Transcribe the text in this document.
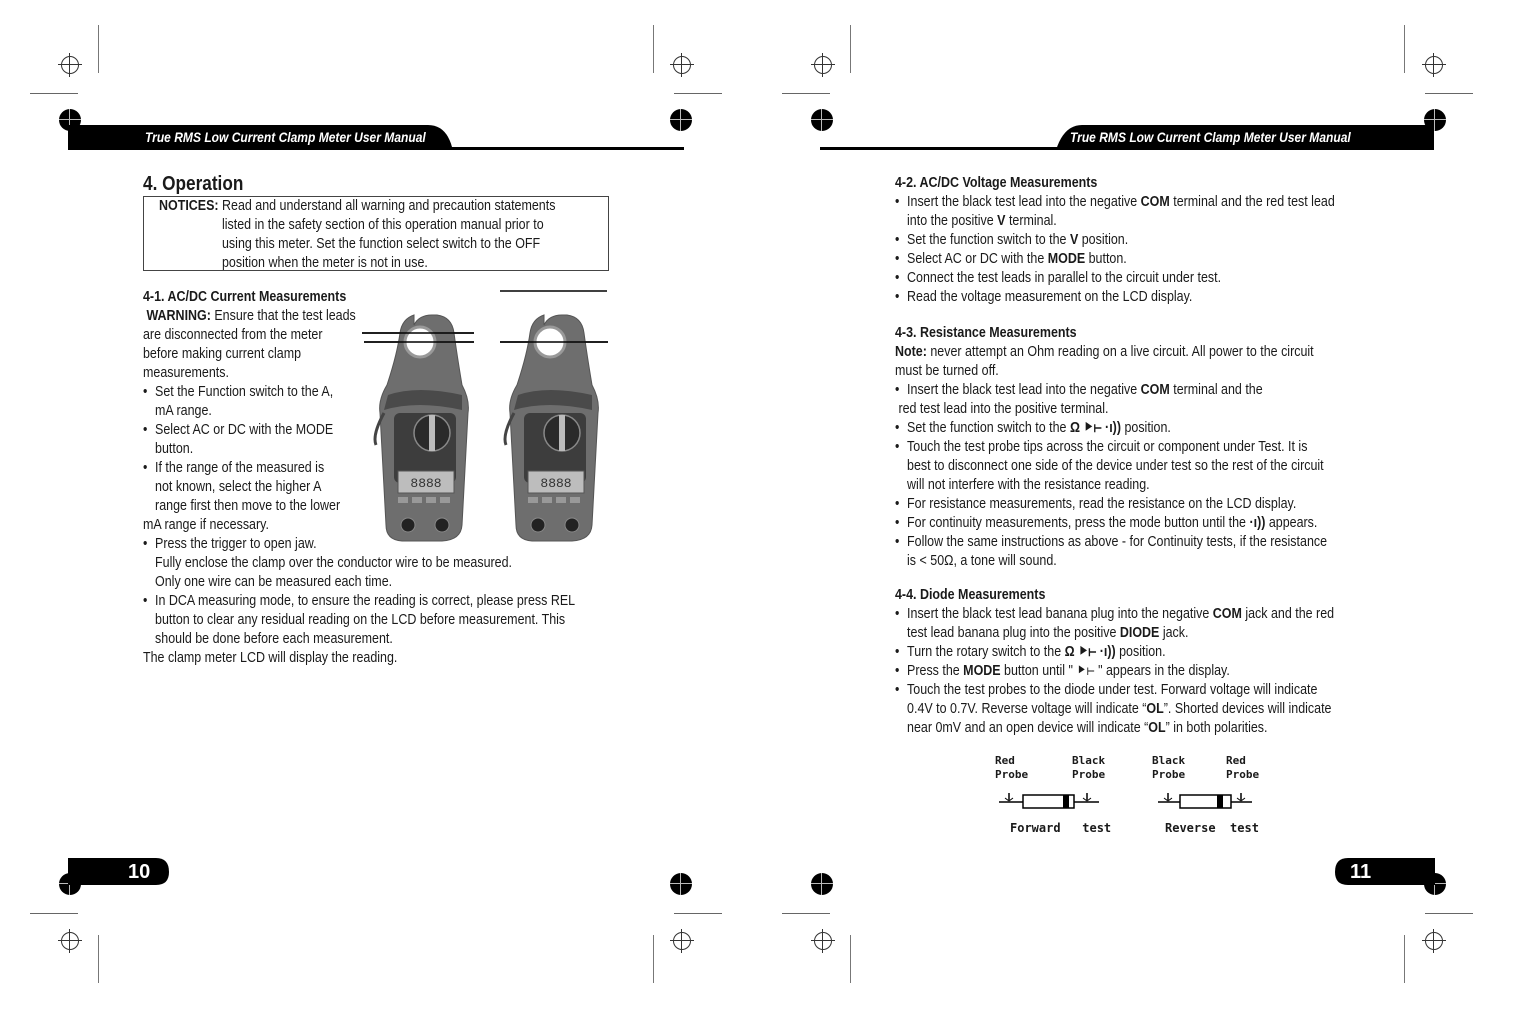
True RMS Low Current Clamp Meter User Manual	True RMS Low Current Clamp Meter User Manual
4. Operation
NOTICES: Read and understand all warning and precaution statements
listed in the safety section of this operation manual prior to
using this meter. Set the function select switch to the OFF
position when the meter is not in use.
4-1. AC/DC Current Measurements
WARNING: Ensure that the test leads
are disconnected from the meter
before making current clamp
measurements.
• Set the Function switch to the A,
mA range.
• Select AC or DC with the MODE
button.
• If the range of the measured is
not known, select the higher A
range first then move to the lower
mA range if necessary.
• Press the trigger to open jaw.
Fully enclose the clamp over the conductor wire to be measured.
Only one wire can be measured each time.
• In DCA measuring mode, to ensure the reading is correct, please press REL
button to clear any residual reading on the LCD before measurement. This
should be done before each measurement.
The clamp meter LCD will display the reading.
8888	8888
10
4-2. AC/DC Voltage Measurements
• Insert the black test lead into the negative COM terminal and the red test lead
into the positive V terminal.
• Set the function switch to the V position.
• Select AC or DC with the MODE button.
• Connect the test leads in parallel to the circuit under test.
• Read the voltage measurement on the LCD display.
4-3. Resistance Measurements
Note: never attempt an Ohm reading on a live circuit. All power to the circuit
must be turned off.
• Insert the black test lead into the negative COM terminal and the
red test lead into the positive terminal.
• Set the function switch to the Ω ⯈⊢ ·ı)) position.
• Touch the test probe tips across the circuit or component under Test. It is
best to disconnect one side of the device under test so the rest of the circuit
will not interfere with the resistance reading.
• For resistance measurements, read the resistance on the LCD display.
• For continuity measurements, press the mode button until the ·ı)) appears.
• Follow the same instructions as above - for Continuity tests, if the resistance
is < 50Ω, a tone will sound.
4-4. Diode Measurements
• Insert the black test lead banana plug into the negative COM jack and the red
test lead banana plug into the positive DIODE jack.
• Turn the rotary switch to the Ω ⯈⊢ ·ı)) position.
• Press the MODE button until " ⯈⊢ " appears in the display.
• Touch the test probes to the diode under test. Forward voltage will indicate
0.4V to 0.7V. Reverse voltage will indicate “OL”. Shorted devices will indicate
near 0mV and an open device will indicate “OL” in both polarities.
Red
Probe
Black
Probe
Forward   test
Black
Probe
Red
Probe
Reverse  test
11
